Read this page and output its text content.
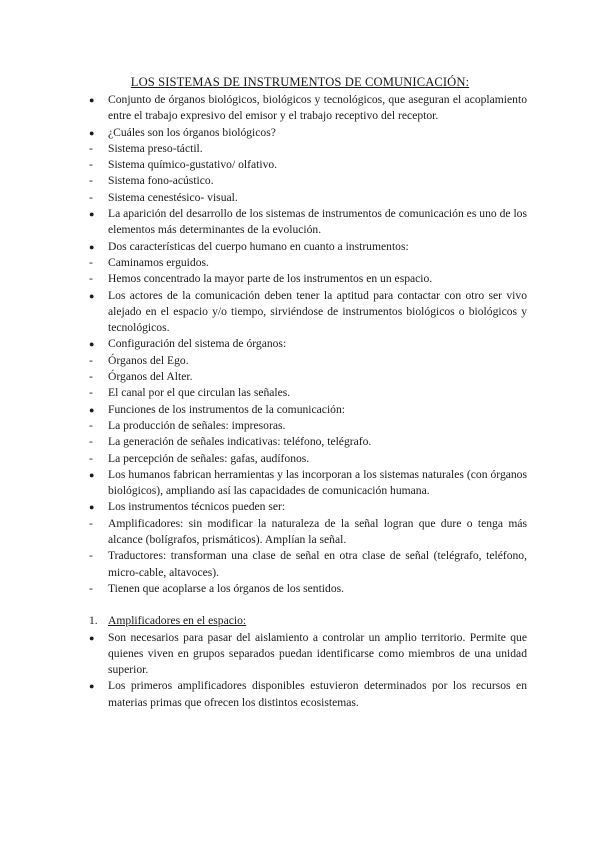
LOS SISTEMAS DE INSTRUMENTOS DE COMUNICACIÓN:
●	Conjunto de órganos biológicos, biológicos y tecnológicos, que aseguran el acoplamiento entre el trabajo expresivo del emisor y el trabajo receptivo del receptor.
●	¿Cuáles son los órganos biológicos?
-	Sistema preso-táctil.
-	Sistema químico-gustativo/ olfativo.
-	Sistema fono-acústico.
-	Sistema cenestésico- visual.
●	La aparición del desarrollo de los sistemas de instrumentos de comunicación es uno de los elementos más determinantes de la evolución.
●	Dos características del cuerpo humano en cuanto a instrumentos:
-	Caminamos erguidos.
-	Hemos concentrado la mayor parte de los instrumentos en un espacio.
●	Los actores de la comunicación deben tener la aptitud para contactar con otro ser vivo alejado en el espacio y/o tiempo, sirviéndose de instrumentos biológicos o biológicos y tecnológicos.
●	Configuración del sistema de órganos:
-	Órganos del Ego.
-	Órganos del Alter.
-	El canal por el que circulan las señales.
●	Funciones de los instrumentos de la comunicación:
-	La producción de señales: impresoras.
-	La generación de señales indicativas: teléfono, telégrafo.
-	La percepción de señales: gafas, audífonos.
●	Los humanos fabrican herramientas y las incorporan a los sistemas naturales (con órganos biológicos), ampliando así las capacidades de comunicación humana.
●	Los instrumentos técnicos pueden ser:
-	Amplificadores: sin modificar la naturaleza de la señal logran que dure o tenga más alcance (bolígrafos, prismáticos). Amplían la señal.
-	Traductores: transforman una clase de señal en otra clase de señal (telégrafo, teléfono, micro-cable, altavoces).
-	Tienen que acoplarse a los órganos de los sentidos.
1. Amplificadores en el espacio:
●	Son necesarios para pasar del aislamiento a controlar un amplio territorio. Permite que quienes viven en grupos separados puedan identificarse como miembros de una unidad superior.
●	Los primeros amplificadores disponibles estuvieron determinados por los recursos en materias primas que ofrecen los distintos ecosistemas.
